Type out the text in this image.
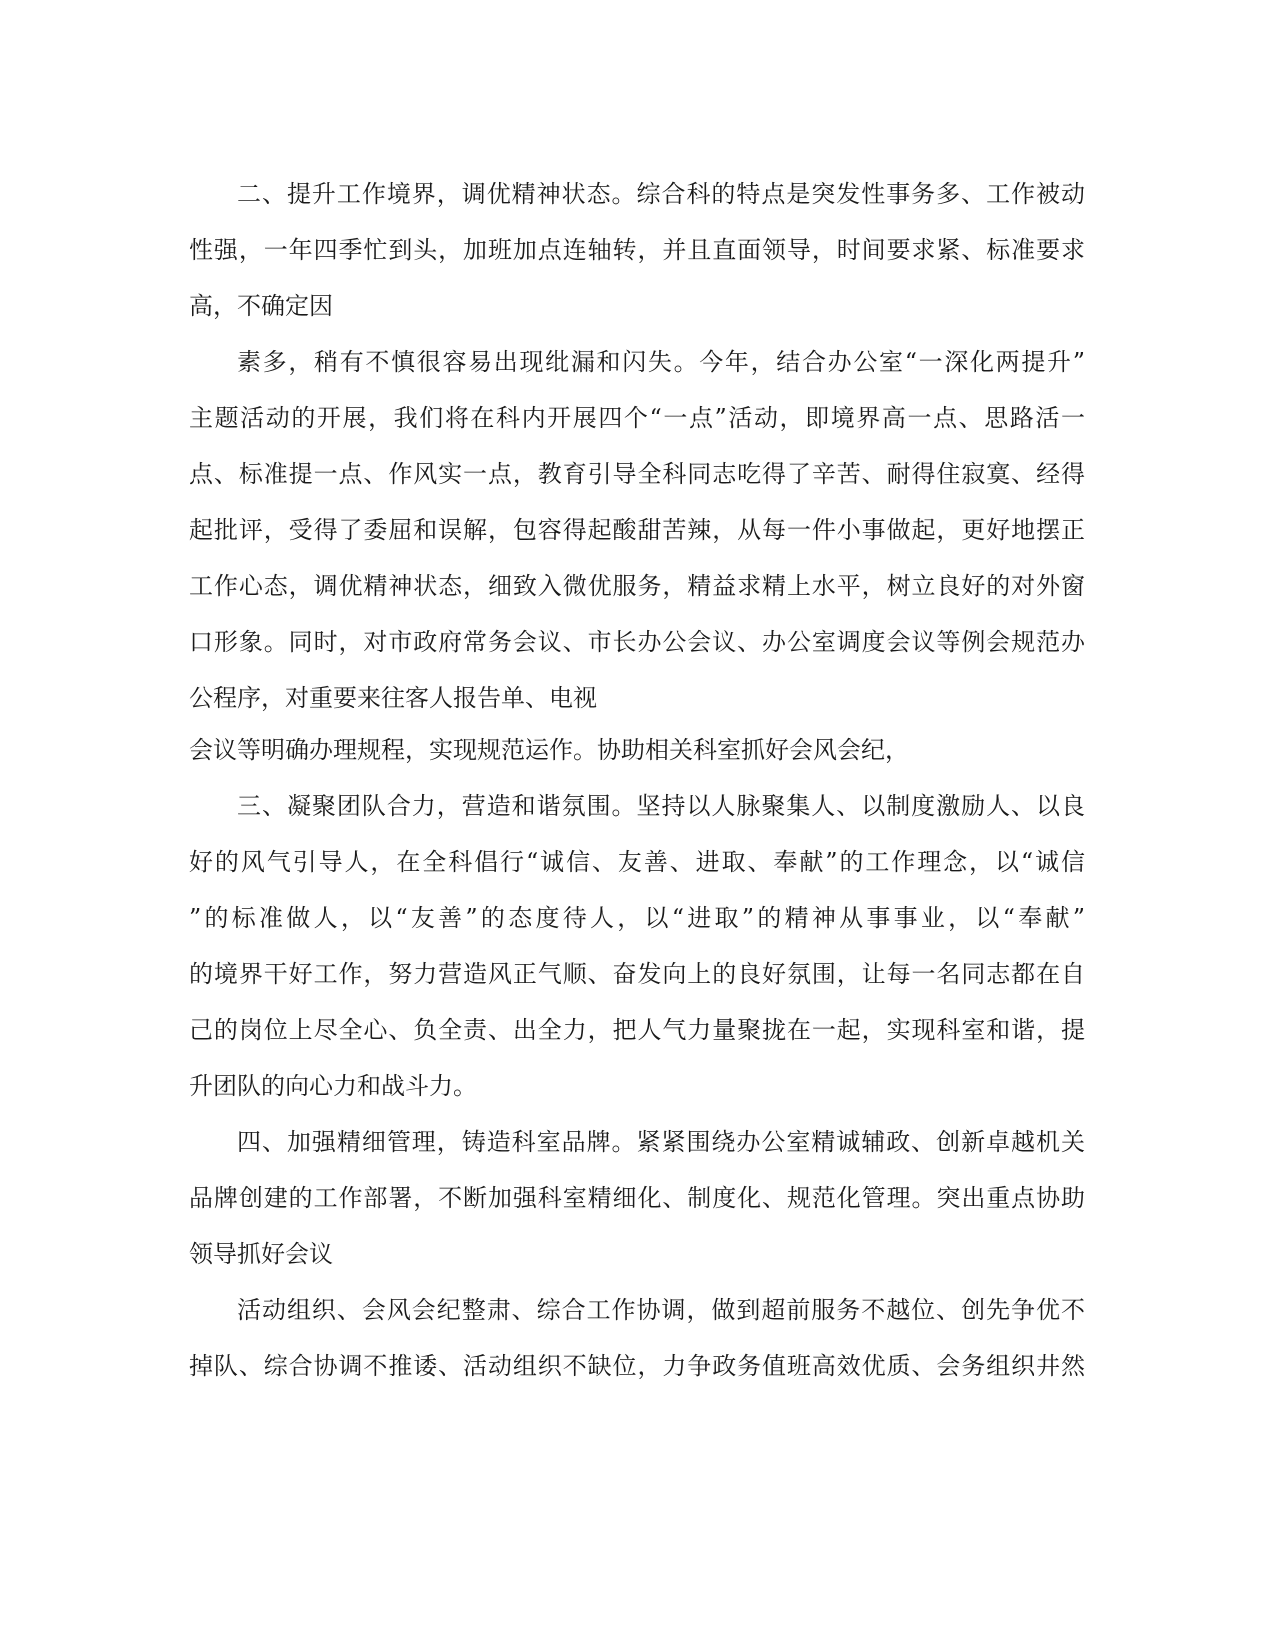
二、提升工作境界，调优精神状态。综合科的特点是突发性事务多、工作被动
性强，一年四季忙到头，加班加点连轴转，并且直面领导，时间要求紧、标准要求
高，不确定因
素多，稍有不慎很容易出现纰漏和闪失。今年，结合办公室“一深化两提升”
主题活动的开展，我们将在科内开展四个“一点”活动，即境界高一点、思路活一
点、标准提一点、作风实一点，教育引导全科同志吃得了辛苦、耐得住寂寞、经得
起批评，受得了委屈和误解，包容得起酸甜苦辣，从每一件小事做起，更好地摆正
工作心态，调优精神状态，细致入微优服务，精益求精上水平，树立良好的对外窗
口形象。同时，对市政府常务会议、市长办公会议、办公室调度会议等例会规范办
公程序，对重要来往客人报告单、电视
会议等明确办理规程，实现规范运作。协助相关科室抓好会风会纪，
三、凝聚团队合力，营造和谐氛围。坚持以人脉聚集人、以制度激励人、以良
好的风气引导人，在全科倡行“诚信、友善、进取、奉献”的工作理念，以“诚信
”的标准做人，以“友善”的态度待人，以“进取”的精神从事事业，以“奉献”
的境界干好工作，努力营造风正气顺、奋发向上的良好氛围，让每一名同志都在自
己的岗位上尽全心、负全责、出全力，把人气力量聚拢在一起，实现科室和谐，提
升团队的向心力和战斗力。
四、加强精细管理，铸造科室品牌。紧紧围绕办公室精诚辅政、创新卓越机关
品牌创建的工作部署，不断加强科室精细化、制度化、规范化管理。突出重点协助
领导抓好会议
活动组织、会风会纪整肃、综合工作协调，做到超前服务不越位、创先争优不
掉队、综合协调不推诿、活动组织不缺位，力争政务值班高效优质、会务组织井然
